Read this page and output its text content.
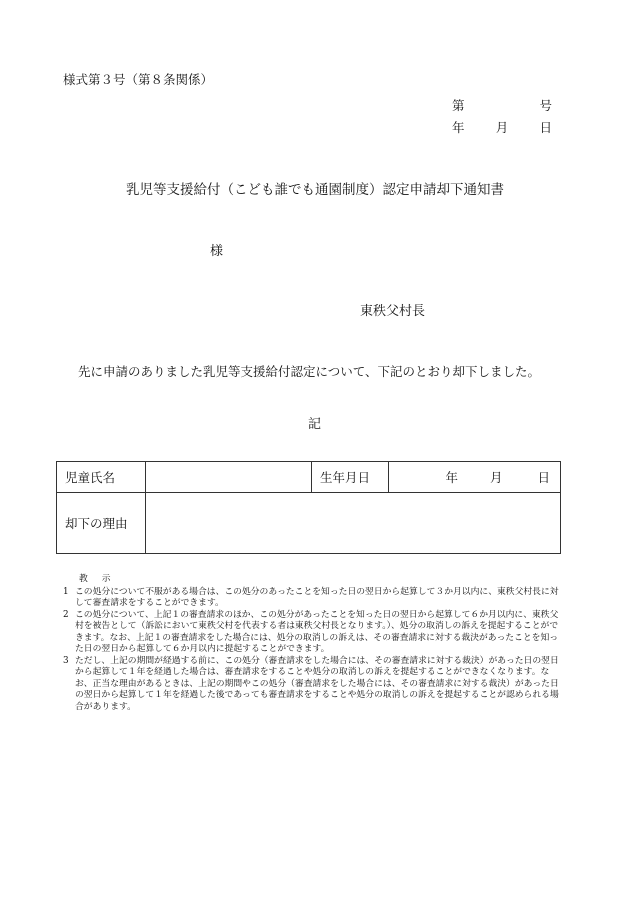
様式第３号（第８条関係）
第	号
年 月 日
乳児等支援給付（こども誰でも通園制度）認定申請却下通知書
様
東秩父村長
先に申請のありました乳児等支援給付認定について、下記のとおり却下しました。
記
児童氏名		生年月日	年 月 日

却下の理由			
教示
1 この処分について不服がある場合は、この処分のあったことを知った日の翌日から起算して３か月以内に、東秩父村長に対して審査請求をすることができます。
2 この処分について、上記１の審査請求のほか、この処分があったことを知った日の翌日から起算して６か月以内に、東秩父村を被告として（訴訟において東秩父村を代表する者は東秩父村長となります。）、処分の取消しの訴えを提起することができます。なお、上記１の審査請求をした場合には、処分の取消しの訴えは、その審査請求に対する裁決があったことを知った日の翌日から起算して６か月以内に提起することができます。
3 ただし、上記の期間が経過する前に、この処分（審査請求をした場合には、その審査請求に対する裁決）があった日の翌日から起算して１年を経過した場合は、審査請求をすることや処分の取消しの訴えを提起することができなくなります。なお、正当な理由があるときは、上記の期間やこの処分（審査請求をした場合には、その審査請求に対する裁決）があった日の翌日から起算して１年を経過した後であっても審査請求をすることや処分の取消しの訴えを提起することが認められる場合があります。
